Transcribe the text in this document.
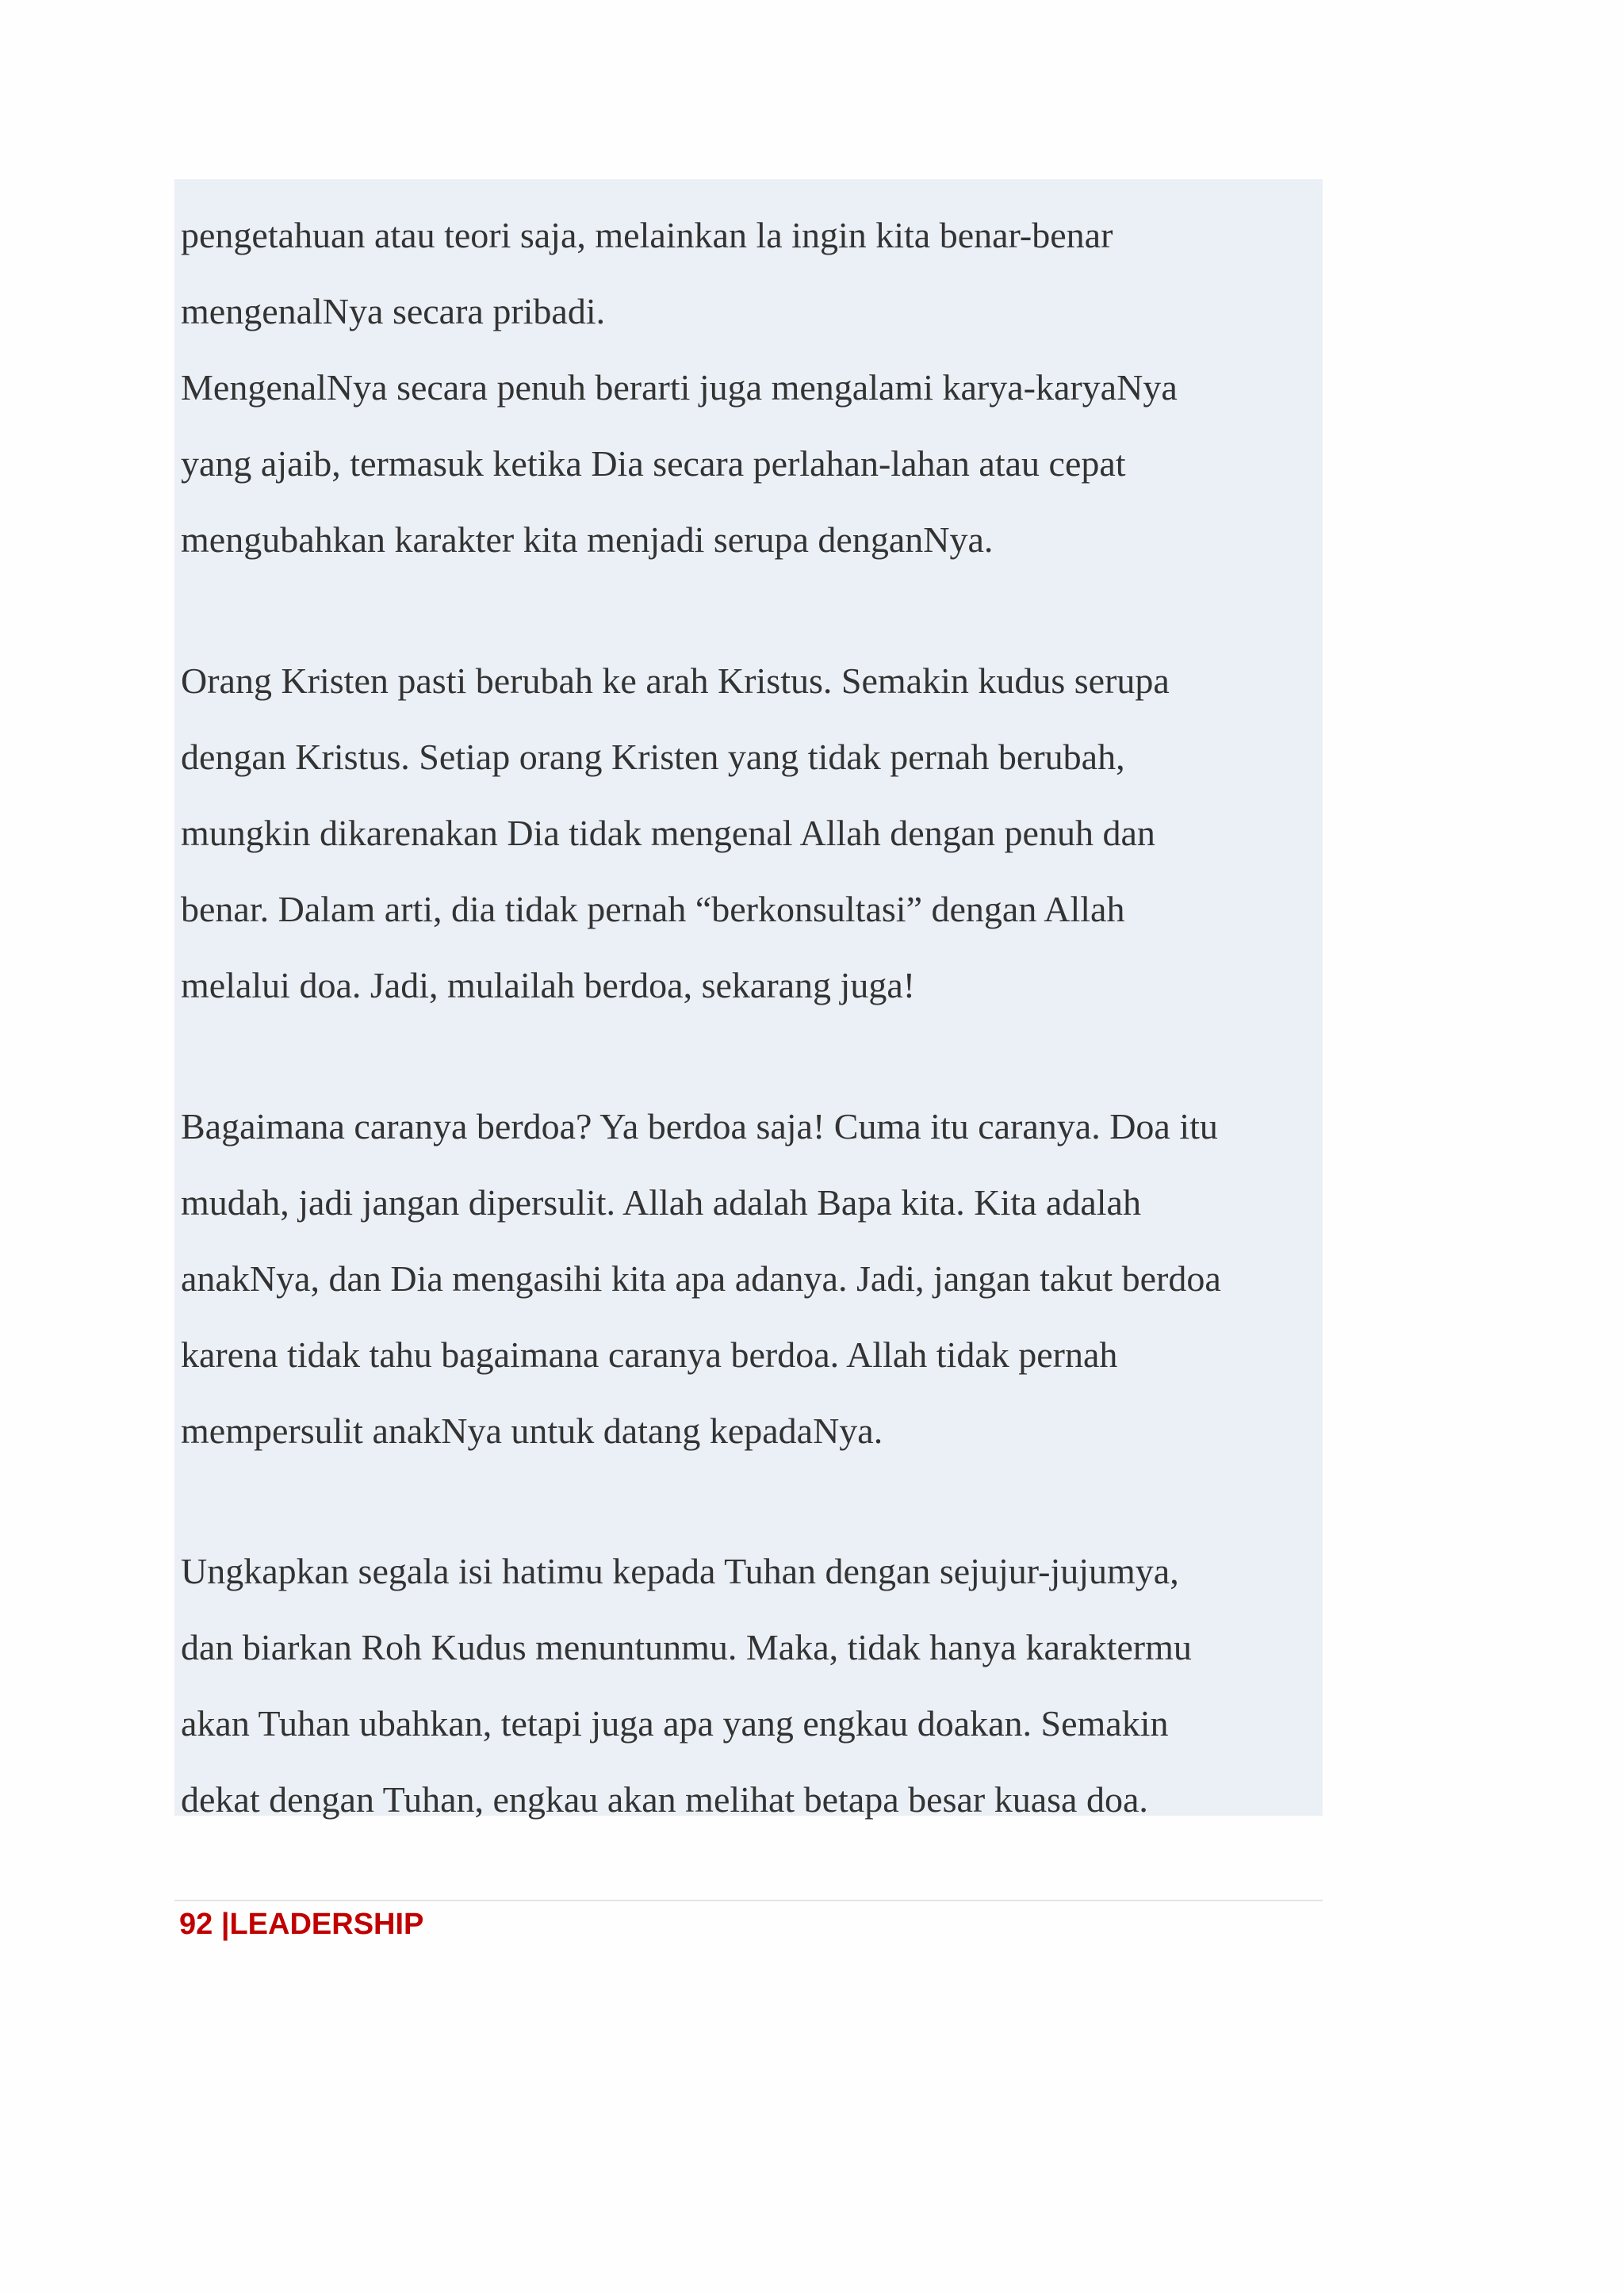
pengetahuan atau teori saja, melainkan la ingin kita benar-benar
mengenalNya secara pribadi.
MengenalNya secara penuh berarti juga mengalami karya-karyaNya
yang ajaib, termasuk ketika Dia secara perlahan-lahan atau cepat
mengubahkan karakter kita menjadi serupa denganNya.
Orang Kristen pasti berubah ke arah Kristus. Semakin kudus serupa
dengan Kristus. Setiap orang Kristen yang tidak pernah berubah,
mungkin dikarenakan Dia tidak mengenal Allah dengan penuh dan
benar. Dalam arti, dia tidak pernah “berkonsultasi” dengan Allah
melalui doa. Jadi, mulailah berdoa, sekarang juga!
Bagaimana caranya berdoa? Ya berdoa saja! Cuma itu caranya. Doa itu
mudah, jadi jangan dipersulit. Allah adalah Bapa kita. Kita adalah
anakNya, dan Dia mengasihi kita apa adanya. Jadi, jangan takut berdoa
karena tidak tahu bagaimana caranya berdoa. Allah tidak pernah
mempersulit anakNya untuk datang kepadaNya.
Ungkapkan segala isi hatimu kepada Tuhan dengan sejujur-jujumya,
dan biarkan Roh Kudus menuntunmu. Maka, tidak hanya karaktermu
akan Tuhan ubahkan, tetapi juga apa yang engkau doakan. Semakin
dekat dengan Tuhan, engkau akan melihat betapa besar kuasa doa.
92 |LEADERSHIP
